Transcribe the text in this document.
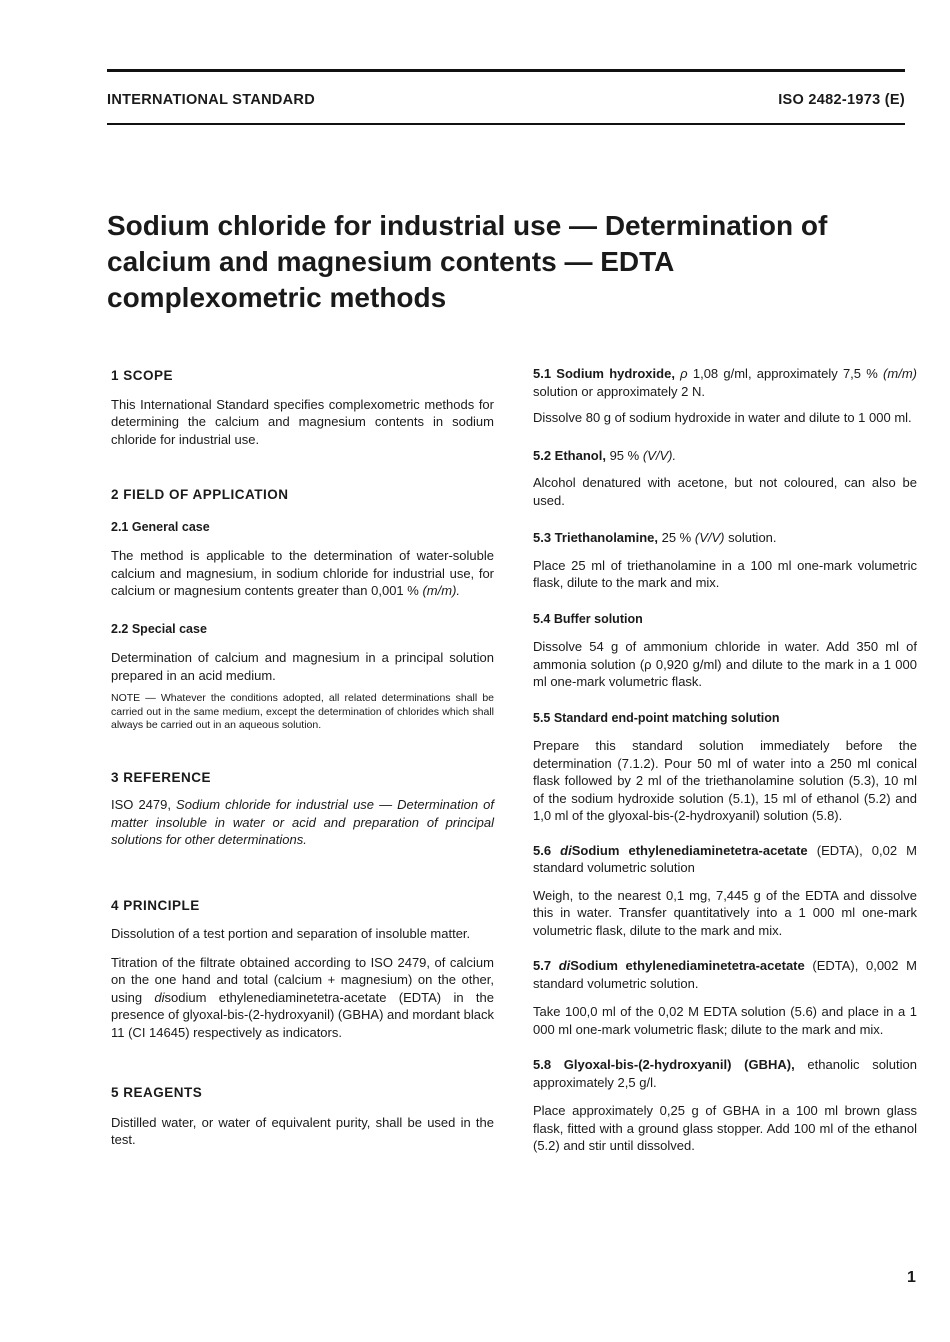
INTERNATIONAL STANDARD	ISO 2482-1973 (E)
Sodium chloride for industrial use — Determination of calcium and magnesium contents — EDTA complexometric methods

1 SCOPE

This International Standard specifies complexometric methods for determining the calcium and magnesium contents in sodium chloride for industrial use.

2 FIELD OF APPLICATION

2.1 General case

The method is applicable to the determination of water-soluble calcium and magnesium, in sodium chloride for industrial use, for calcium or magnesium contents greater than 0,001 % (m/m).

2.2 Special case

Determination of calcium and magnesium in a principal solution prepared in an acid medium.

NOTE — Whatever the conditions adopted, all related determinations shall be carried out in the same medium, except the determination of chlorides which shall always be carried out in an aqueous solution.

3 REFERENCE

ISO 2479, Sodium chloride for industrial use — Determination of matter insoluble in water or acid and preparation of principal solutions for other determinations.

4 PRINCIPLE

Dissolution of a test portion and separation of insoluble matter.

Titration of the filtrate obtained according to ISO 2479, of calcium on the one hand and total (calcium + magnesium) on the other, using disodium ethylenediaminetetra-acetate (EDTA) in the presence of glyoxal-bis-(2-hydroxyanil) (GBHA) and mordant black 11 (CI 14645) respectively as indicators.

5 REAGENTS

Distilled water, or water of equivalent purity, shall be used in the test.

5.1 Sodium hydroxide, ρ 1,08 g/ml, approximately 7,5 % (m/m) solution or approximately 2 N.

Dissolve 80 g of sodium hydroxide in water and dilute to 1 000 ml.

5.2 Ethanol, 95 % (V/V).

Alcohol denatured with acetone, but not coloured, can also be used.

5.3 Triethanolamine, 25 % (V/V) solution.

Place 25 ml of triethanolamine in a 100 ml one-mark volumetric flask, dilute to the mark and mix.

5.4 Buffer solution

Dissolve 54 g of ammonium chloride in water. Add 350 ml of ammonia solution (ρ 0,920 g/ml) and dilute to the mark in a 1 000 ml one-mark volumetric flask.

5.5 Standard end-point matching solution

Prepare this standard solution immediately before the determination (7.1.2). Pour 50 ml of water into a 250 ml conical flask followed by 2 ml of the triethanolamine solution (5.3), 10 ml of the sodium hydroxide solution (5.1), 15 ml of ethanol (5.2) and 1,0 ml of the glyoxal-bis-(2-hydroxyanil) solution (5.8).

5.6 diSodium ethylenediaminetetra-acetate (EDTA), 0,02 M standard volumetric solution

Weigh, to the nearest 0,1 mg, 7,445 g of the EDTA and dissolve this in water. Transfer quantitatively into a 1 000 ml one-mark volumetric flask, dilute to the mark and mix.

5.7 diSodium ethylenediaminetetra-acetate (EDTA), 0,002 M standard volumetric solution.

Take 100,0 ml of the 0,02 M EDTA solution (5.6) and place in a 1 000 ml one-mark volumetric flask; dilute to the mark and mix.

5.8 Glyoxal-bis-(2-hydroxyanil) (GBHA), ethanolic solution approximately 2,5 g/l.

Place approximately 0,25 g of GBHA in a 100 ml brown glass flask, fitted with a ground glass stopper. Add 100 ml of the ethanol (5.2) and stir until dissolved.

1
